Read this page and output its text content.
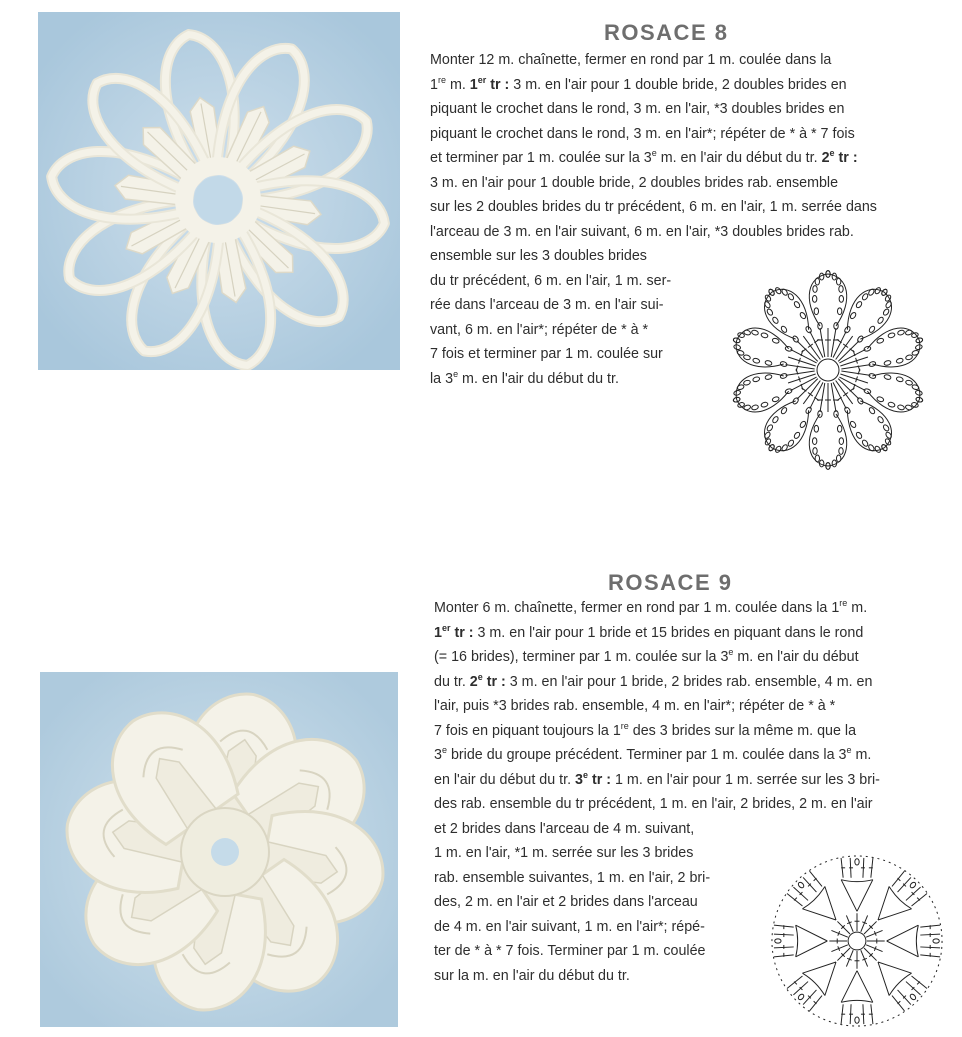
ROSACE 8

Monter 12 m. chaînette, fermer en rond par 1 m. coulée dans la
1re m. 1er tr : 3 m. en l'air pour 1 double bride, 2 doubles brides en
piquant le crochet dans le rond, 3 m. en l'air, *3 doubles brides en
piquant le crochet dans le rond, 3 m. en l'air*; répéter de * à * 7 fois
et terminer par 1 m. coulée sur la 3e m. en l'air du début du tr. 2e tr :
3 m. en l'air pour 1 double bride, 2 doubles brides rab. ensemble
sur les 2 doubles brides du tr précédent, 6 m. en l'air, 1 m. serrée dans
l'arceau de 3 m. en l'air suivant, 6 m. en l'air, *3 doubles brides rab.
ensemble sur les 3 doubles brides
du tr précédent, 6 m. en l'air, 1 m. ser-
rée dans l'arceau de 3 m. en l'air sui-
vant, 6 m. en l'air*; répéter de * à *
7 fois et terminer par 1 m. coulée sur
la 3e m. en l'air du début du tr.

ROSACE 9

Monter 6 m. chaînette, fermer en rond par 1 m. coulée dans la 1re m.
1er tr : 3 m. en l'air pour 1 bride et 15 brides en piquant dans le rond
(= 16 brides), terminer par 1 m. coulée sur la 3e m. en l'air du début
du tr. 2e tr : 3 m. en l'air pour 1 bride, 2 brides rab. ensemble, 4 m. en
l'air, puis *3 brides rab. ensemble, 4 m. en l'air*; répéter de * à *
7 fois en piquant toujours la 1re des 3 brides sur la même m. que la
3e bride du groupe précédent. Terminer par 1 m. coulée dans la 3e m.
en l'air du début du tr. 3e tr : 1 m. en l'air pour 1 m. serrée sur les 3 bri-
des rab. ensemble du tr précédent, 1 m. en l'air, 2 brides, 2 m. en l'air
et 2 brides dans l'arceau de 4 m. suivant,
1 m. en l'air, *1 m. serrée sur les 3 brides
rab. ensemble suivantes, 1 m. en l'air, 2 bri-
des, 2 m. en l'air et 2 brides dans l'arceau
de 4 m. en l'air suivant, 1 m. en l'air*; répé-
ter de * à * 7 fois. Terminer par 1 m. coulée
sur la m. en l'air du début du tr.
